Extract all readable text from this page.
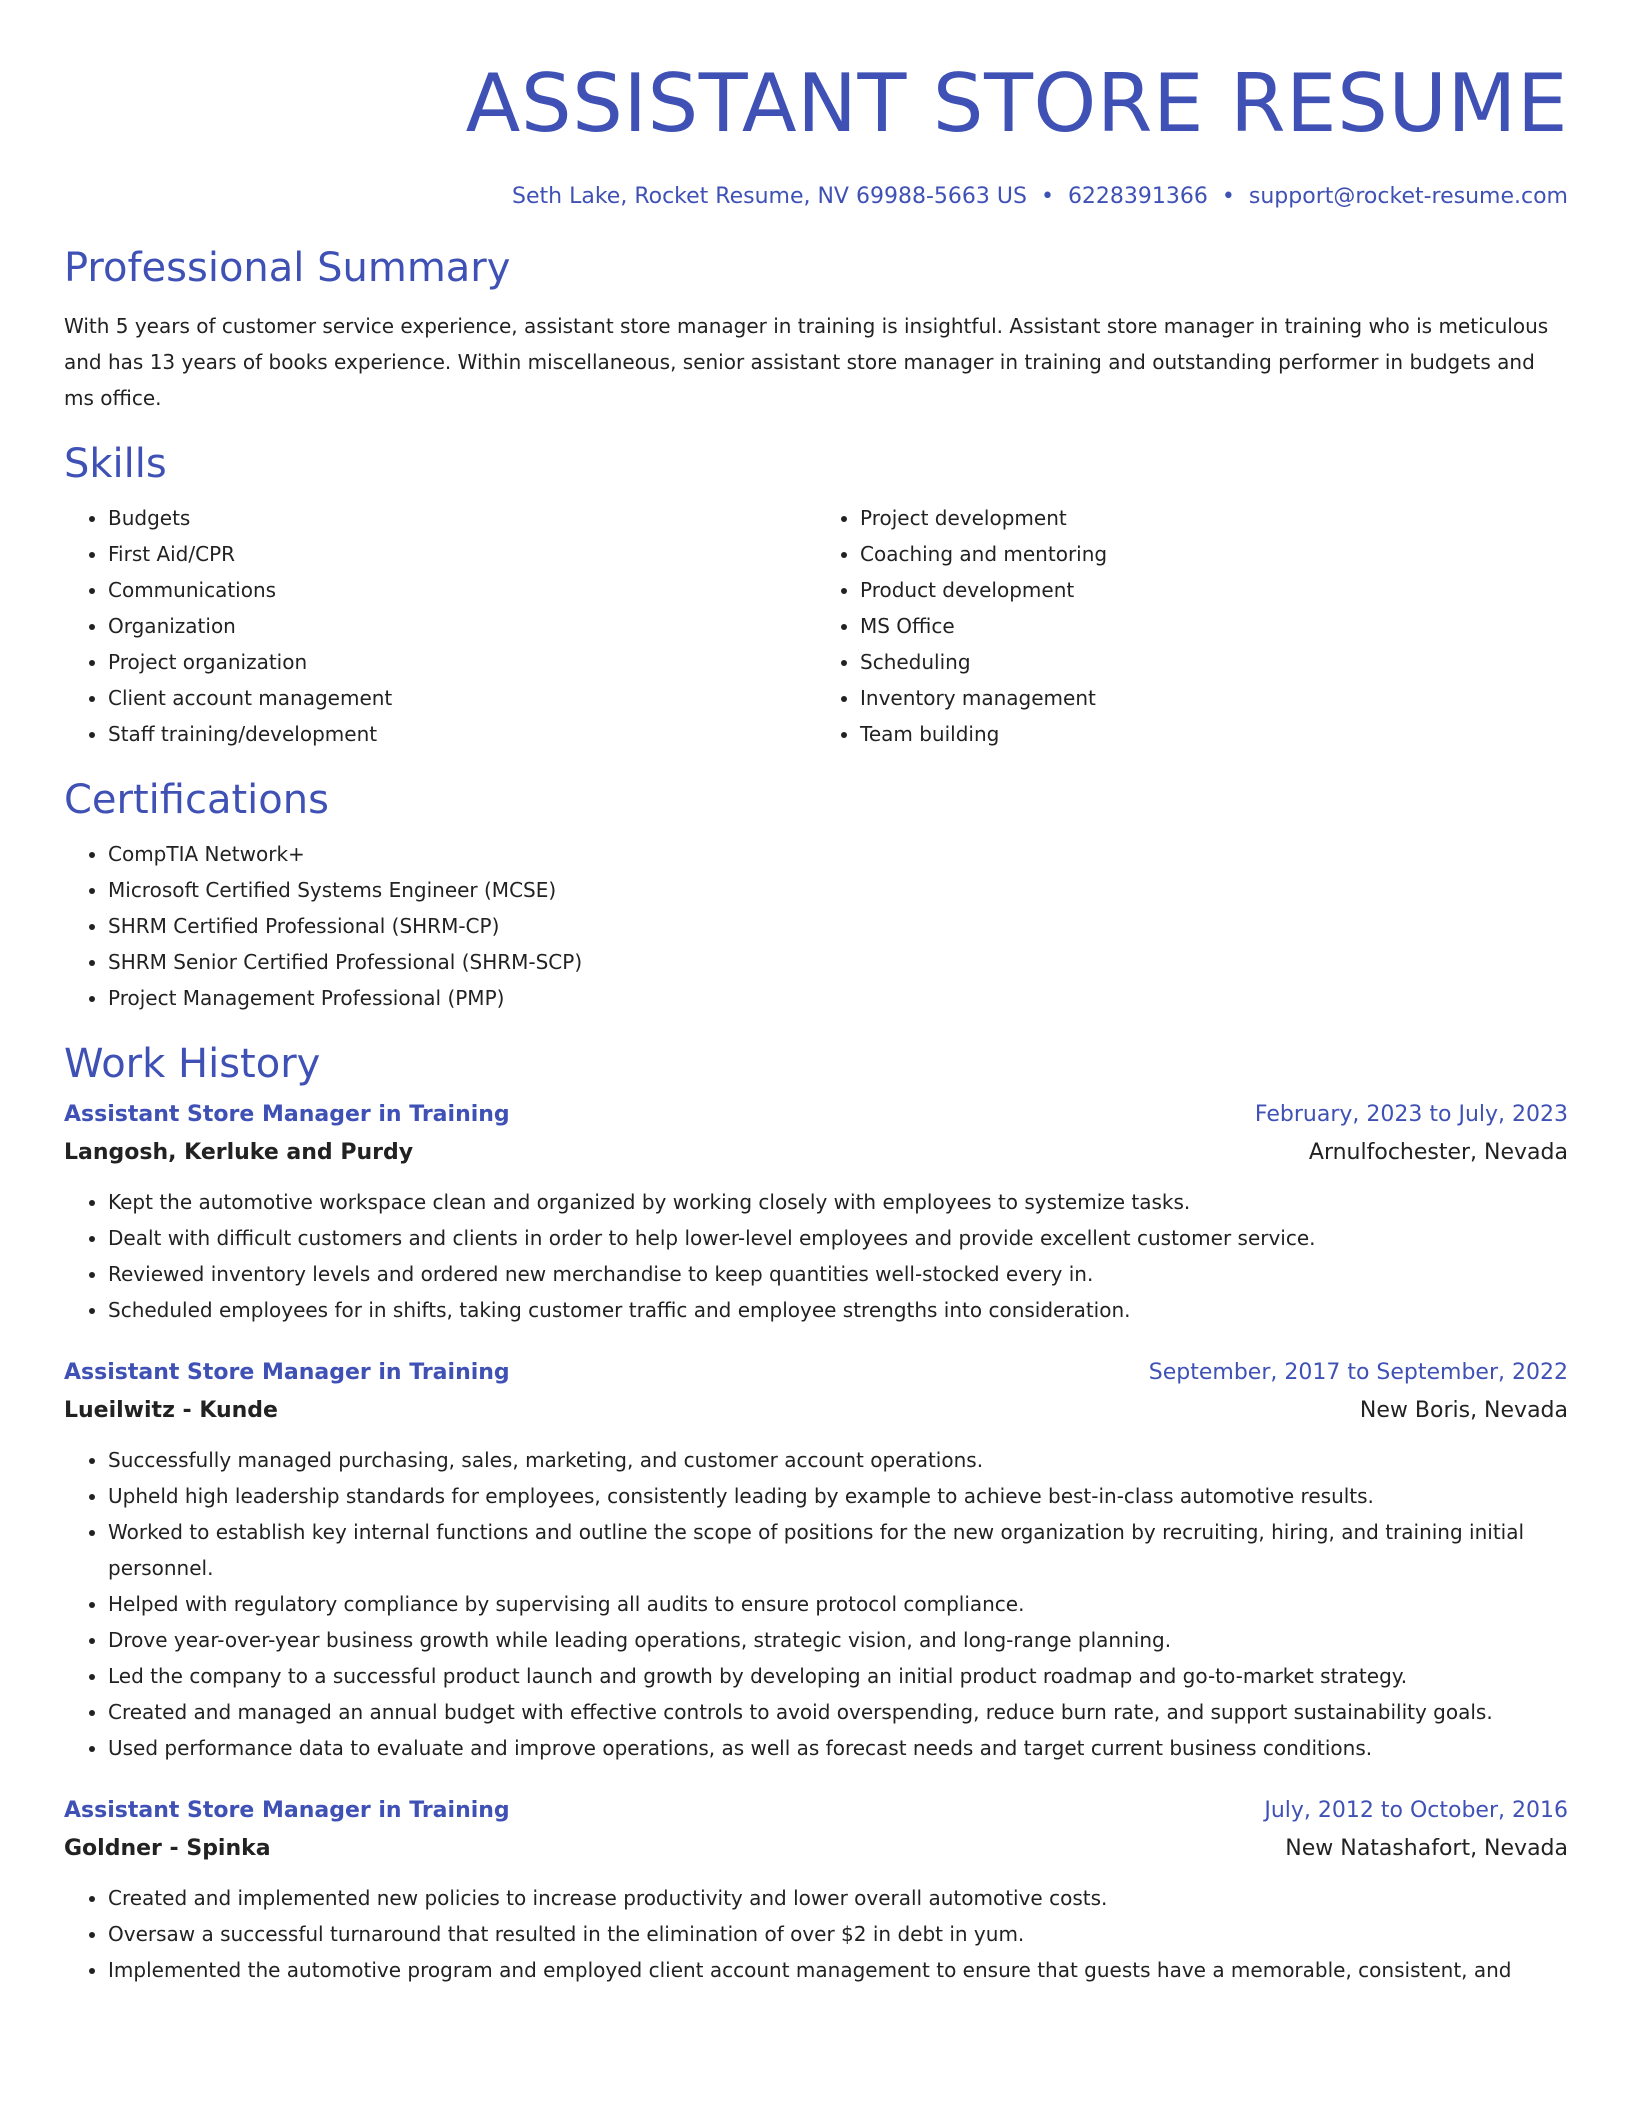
ASSISTANT STORE RESUME
Seth Lake, Rocket Resume, NV 69988-5663 US • 6228391366 • support@rocket-resume.com
Professional Summary

With 5 years of customer service experience, assistant store manager in training is insightful. Assistant store manager in training who is meticulous and has 13 years of books experience. Within miscellaneous, senior assistant store manager in training and outstanding performer in budgets and ms office.

Skills
• Budgets
• First Aid/CPR
• Communications
• Organization
• Project organization
• Client account management
• Staff training/development
• Project development
• Coaching and mentoring
• Product development
• MS Office
• Scheduling
• Inventory management
• Team building
Certifications
• CompTIA Network+
• Microsoft Certified Systems Engineer (MCSE)
• SHRM Certified Professional (SHRM-CP)
• SHRM Senior Certified Professional (SHRM-SCP)
• Project Management Professional (PMP)
Work History
Assistant Store Manager in Training	February, 2023 to July, 2023
Langosh, Kerluke and Purdy	Arnulfochester, Nevada
• Kept the automotive workspace clean and organized by working closely with employees to systemize tasks.
• Dealt with difficult customers and clients in order to help lower-level employees and provide excellent customer service.
• Reviewed inventory levels and ordered new merchandise to keep quantities well-stocked every in.
• Scheduled employees for in shifts, taking customer traffic and employee strengths into consideration.
Assistant Store Manager in Training	September, 2017 to September, 2022
Lueilwitz - Kunde	New Boris, Nevada
• Successfully managed purchasing, sales, marketing, and customer account operations.
• Upheld high leadership standards for employees, consistently leading by example to achieve best-in-class automotive results.
• Worked to establish key internal functions and outline the scope of positions for the new organization by recruiting, hiring, and training initial personnel.
• Helped with regulatory compliance by supervising all audits to ensure protocol compliance.
• Drove year-over-year business growth while leading operations, strategic vision, and long-range planning.
• Led the company to a successful product launch and growth by developing an initial product roadmap and go-to-market strategy.
• Created and managed an annual budget with effective controls to avoid overspending, reduce burn rate, and support sustainability goals.
• Used performance data to evaluate and improve operations, as well as forecast needs and target current business conditions.
Assistant Store Manager in Training	July, 2012 to October, 2016
Goldner - Spinka	New Natashafort, Nevada
• Created and implemented new policies to increase productivity and lower overall automotive costs.
• Oversaw a successful turnaround that resulted in the elimination of over $2 in debt in yum.
• Implemented the automotive program and employed client account management to ensure that guests have a memorable, consistent, and
